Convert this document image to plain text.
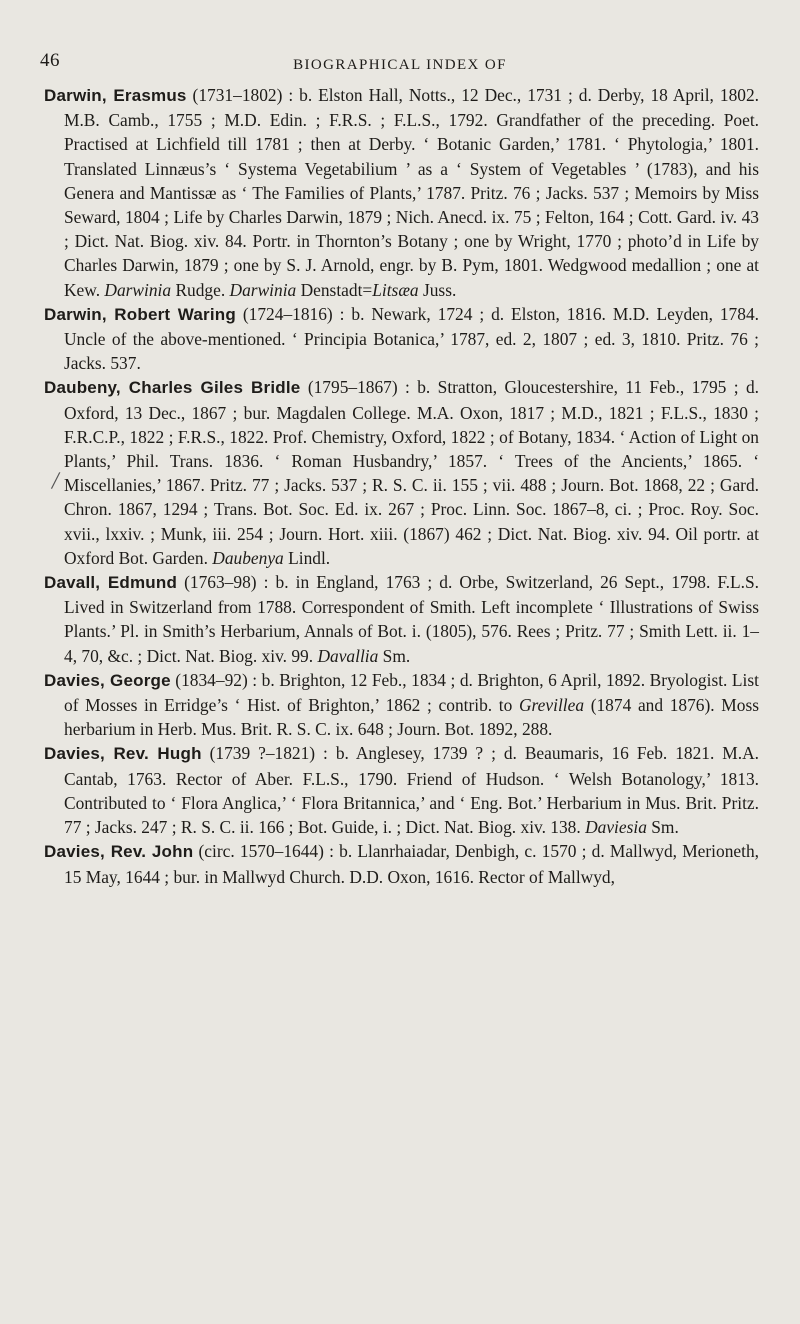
46	BIOGRAPHICAL INDEX OF
/

Darwin, Erasmus (1731–1802) : b. Elston Hall, Notts., 12 Dec., 1731 ; d. Derby, 18 April, 1802. M.B. Camb., 1755 ; M.D. Edin. ; F.R.S. ; F.L.S., 1792. Grandfather of the preceding. Poet. Practised at Lichfield till 1781 ; then at Derby. ‘ Botanic Garden,’ 1781. ‘ Phytologia,’ 1801. Translated Linnæus’s ‘ Systema Vegetabilium ’ as a ‘ System of Vegetables ’ (1783), and his Genera and Mantissæ as ‘ The Families of Plants,’ 1787. Pritz. 76 ; Jacks. 537 ; Memoirs by Miss Seward, 1804 ; Life by Charles Darwin, 1879 ; Nich. Anecd. ix. 75 ; Felton, 164 ; Cott. Gard. iv. 43 ; Dict. Nat. Biog. xiv. 84. Portr. in Thornton’s Botany ; one by Wright, 1770 ; photo’d in Life by Charles Darwin, 1879 ; one by S. J. Arnold, engr. by B. Pym, 1801. Wedgwood medallion ; one at Kew. Darwinia Rudge. Darwinia Denstadt=Litsæa Juss.

Darwin, Robert Waring (1724–1816) : b. Newark, 1724 ; d. Elston, 1816. M.D. Leyden, 1784. Uncle of the above-mentioned. ‘ Principia Botanica,’ 1787, ed. 2, 1807 ; ed. 3, 1810. Pritz. 76 ; Jacks. 537.

Daubeny, Charles Giles Bridle (1795–1867) : b. Stratton, Gloucestershire, 11 Feb., 1795 ; d. Oxford, 13 Dec., 1867 ; bur. Magdalen College. M.A. Oxon, 1817 ; M.D., 1821 ; F.L.S., 1830 ; F.R.C.P., 1822 ; F.R.S., 1822. Prof. Chemistry, Oxford, 1822 ; of Botany, 1834. ‘ Action of Light on Plants,’ Phil. Trans. 1836. ‘ Roman Husbandry,’ 1857. ‘ Trees of the Ancients,’ 1865. ‘ Miscellanies,’ 1867. Pritz. 77 ; Jacks. 537 ; R. S. C. ii. 155 ; vii. 488 ; Journ. Bot. 1868, 22 ; Gard. Chron. 1867, 1294 ; Trans. Bot. Soc. Ed. ix. 267 ; Proc. Linn. Soc. 1867–8, ci. ; Proc. Roy. Soc. xvii., lxxiv. ; Munk, iii. 254 ; Journ. Hort. xiii. (1867) 462 ; Dict. Nat. Biog. xiv. 94. Oil portr. at Oxford Bot. Garden. Daubenya Lindl.

Davall, Edmund (1763–98) : b. in England, 1763 ; d. Orbe, Switzerland, 26 Sept., 1798. F.L.S. Lived in Switzerland from 1788. Correspondent of Smith. Left incomplete ‘ Illustrations of Swiss Plants.’ Pl. in Smith’s Herbarium, Annals of Bot. i. (1805), 576. Rees ; Pritz. 77 ; Smith Lett. ii. 1–4, 70, &c. ; Dict. Nat. Biog. xiv. 99. Davallia Sm.

Davies, George (1834–92) : b. Brighton, 12 Feb., 1834 ; d. Brighton, 6 April, 1892. Bryologist. List of Mosses in Erridge’s ‘ Hist. of Brighton,’ 1862 ; contrib. to Grevillea (1874 and 1876). Moss herbarium in Herb. Mus. Brit. R. S. C. ix. 648 ; Journ. Bot. 1892, 288.

Davies, Rev. Hugh (1739 ?–1821) : b. Anglesey, 1739 ? ; d. Beaumaris, 16 Feb. 1821. M.A. Cantab, 1763. Rector of Aber. F.L.S., 1790. Friend of Hudson. ‘ Welsh Botanology,’ 1813. Contributed to ‘ Flora Anglica,’ ‘ Flora Britannica,’ and ‘ Eng. Bot.’ Herbarium in Mus. Brit. Pritz. 77 ; Jacks. 247 ; R. S. C. ii. 166 ; Bot. Guide, i. ; Dict. Nat. Biog. xiv. 138. Daviesia Sm.

Davies, Rev. John (circ. 1570–1644) : b. Llanrhaiadar, Denbigh, c. 1570 ; d. Mallwyd, Merioneth, 15 May, 1644 ; bur. in Mallwyd Church. D.D. Oxon, 1616. Rector of Mallwyd,
